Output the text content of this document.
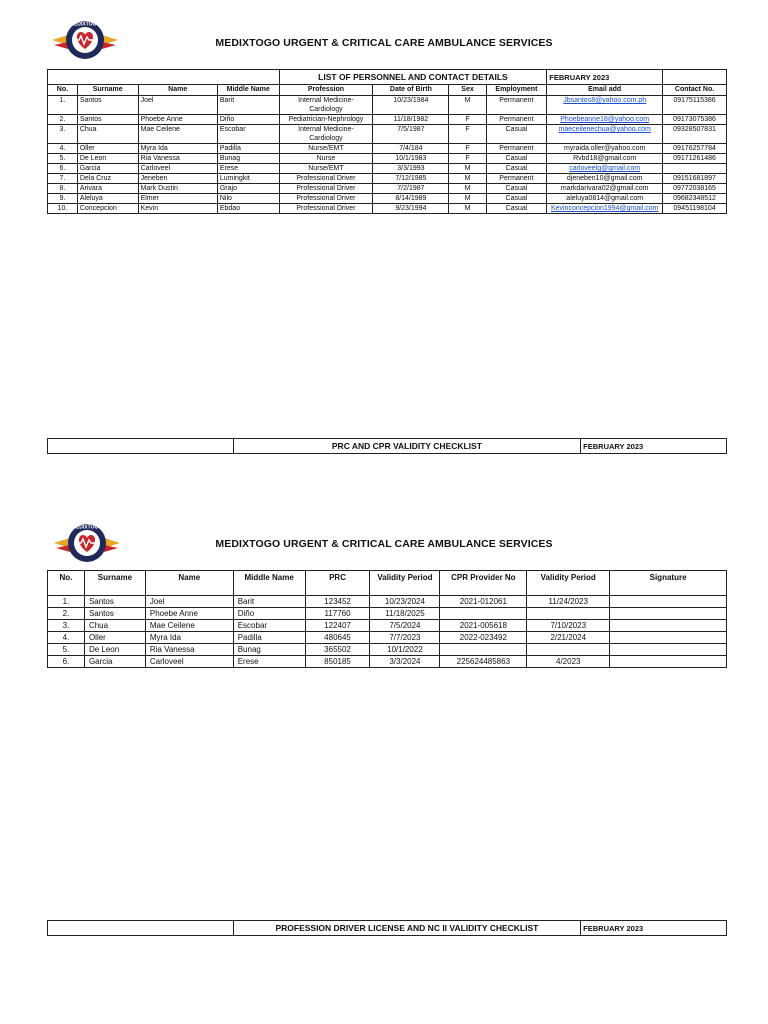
MEDIXTOGO
MEDIXTOGO URGENT & CRITICAL CARE AMBULANCE SERVICES
				LIST OF PERSONNEL AND CONTACT DETAILS				FEBRUARY 2023	
No.	Surname	Name	Middle Name	Profession	Date of Birth	Sex	Employment	Email add	Contact No.
1.	Santos	Joel	Barit	Internal Medicine-Cardiology	10/23/1984	M	Permanent	Jbsantos8@yahoo.com.ph	09175115386
2.	Santos	Phoebe Anne	Diño	Pediatrician-Nephrology	11/18/1982	F	Permanent	Phoebeanne18@yahoo.com	09173075386
3.	Chua	Mae Ceilene	Escobar	Internal Medicine-Cardiology	7/5/1987	F	Casual	maeceilenechua@yahoo.com	09328507831
4.	Oller	Myra Ida	Padilla	Nurse/EMT	7/4/184	F	Permanent	myraida.oller@yahoo.com	09176257784
5.	De Leon	Ria Vanessa	Bunag	Nurse	10/1/1983	F	Casual	Rvbd18@gmail.com	09171261486
6.	Garcia	Carloveel	Erese	Nurse/EMT	3/3/1993	M	Casual	carloveelg@gmail.com	
7.	Dela Cruz	Jeneben	Lumingkit	Professional Driver	7/12/1985	M	Permanent	djeneben10@gmail.com	09151681897
8.	Arivara	Mark Dustin	Grajo	Professional Driver	7/2/1987	M	Casual	markdarivara02@gmail.com	09772038165
9.	Aleluya	Elmer	Nilo	Professional Driver	8/14/1989	M	Casual	aleluya0814@gmail.com	09682348512
10.	Concepcion	Kevin	Ebdao	Professional Driver	9/23/1994	M	Casual	Kevinconcepcion1994@gmail.com	09451198104
	PRC AND CPR VALIDITY CHECKLIST	FEBRUARY 2023
MEDIXTOGO
MEDIXTOGO URGENT & CRITICAL CARE AMBULANCE SERVICES
No.	Surname	Name	Middle Name	PRC	Validity Period	CPR Provider No	Validity Period	Signature
1.	Santos	Joel	Barit	123452	10/23/2024	2021-012061	11/24/2023	
2.	Santos	Phoebe Anne	Diño	117760	11/18/2025			
3.	Chua	Mae Ceilene	Escobar	122407	7/5/2024	2021-005618	7/10/2023	
4.	Oller	Myra Ida	Padilla	480645	7/7/2023	2022-023492	2/21/2024	
5.	De Leon	Ria Vanessa	Bunag	365502	10/1/2022			
6.	Garcia	Carloveel	Erese	850185	3/3/2024	225624485863	4/2023	
	PROFESSION DRIVER LICENSE AND NC II VALIDITY CHECKLIST	FEBRUARY 2023
